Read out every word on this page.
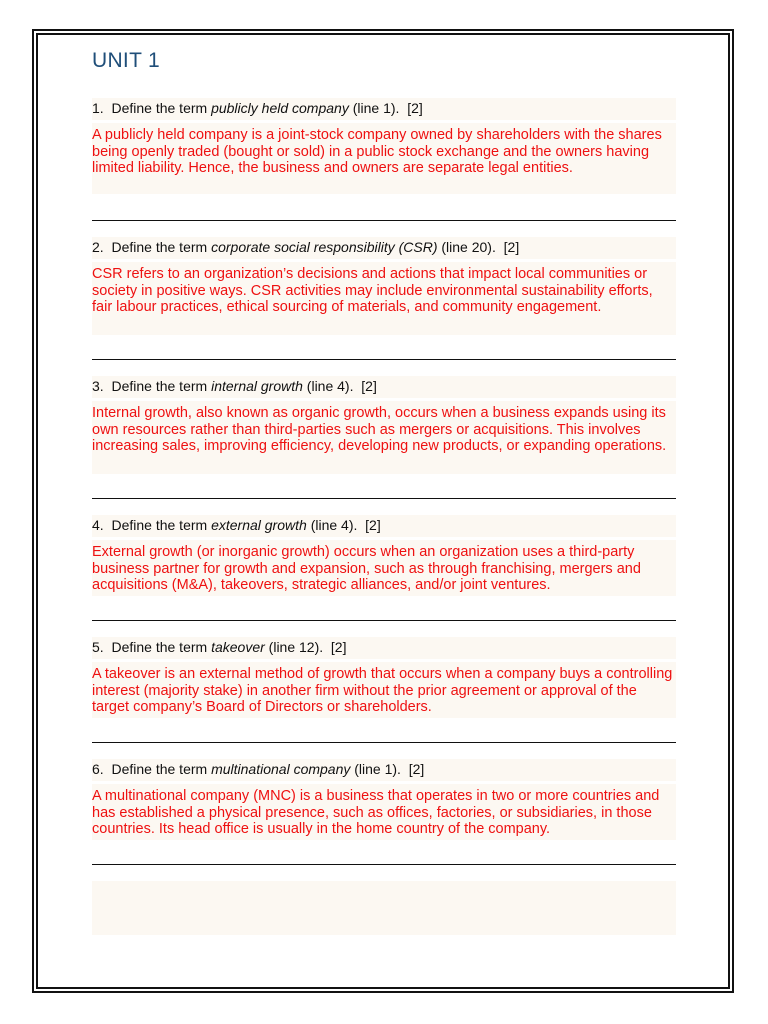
UNIT 1
1. Define the term publicly held company (line 1). [2]
A publicly held company is a joint-stock company owned by shareholders with the shares being openly traded (bought or sold) in a public stock exchange and the owners having limited liability. Hence, the business and owners are separate legal entities.
2. Define the term corporate social responsibility (CSR) (line 20). [2]
CSR refers to an organization’s decisions and actions that impact local communities or society in positive ways. CSR activities may include environmental sustainability efforts, fair labour practices, ethical sourcing of materials, and community engagement.
3. Define the term internal growth (line 4). [2]
Internal growth, also known as organic growth, occurs when a business expands using its own resources rather than third-parties such as mergers or acquisitions. This involves increasing sales, improving efficiency, developing new products, or expanding operations.
4. Define the term external growth (line 4). [2]
External growth (or inorganic growth) occurs when an organization uses a third-party business partner for growth and expansion, such as through franchising, mergers and acquisitions (M&A), takeovers, strategic alliances, and/or joint ventures.
5. Define the term takeover (line 12). [2]
A takeover is an external method of growth that occurs when a company buys a controlling interest (majority stake) in another firm without the prior agreement or approval of the target company’s Board of Directors or shareholders.
6. Define the term multinational company (line 1). [2]
A multinational company (MNC) is a business that operates in two or more countries and has established a physical presence, such as offices, factories, or subsidiaries, in those countries. Its head office is usually in the home country of the company.
